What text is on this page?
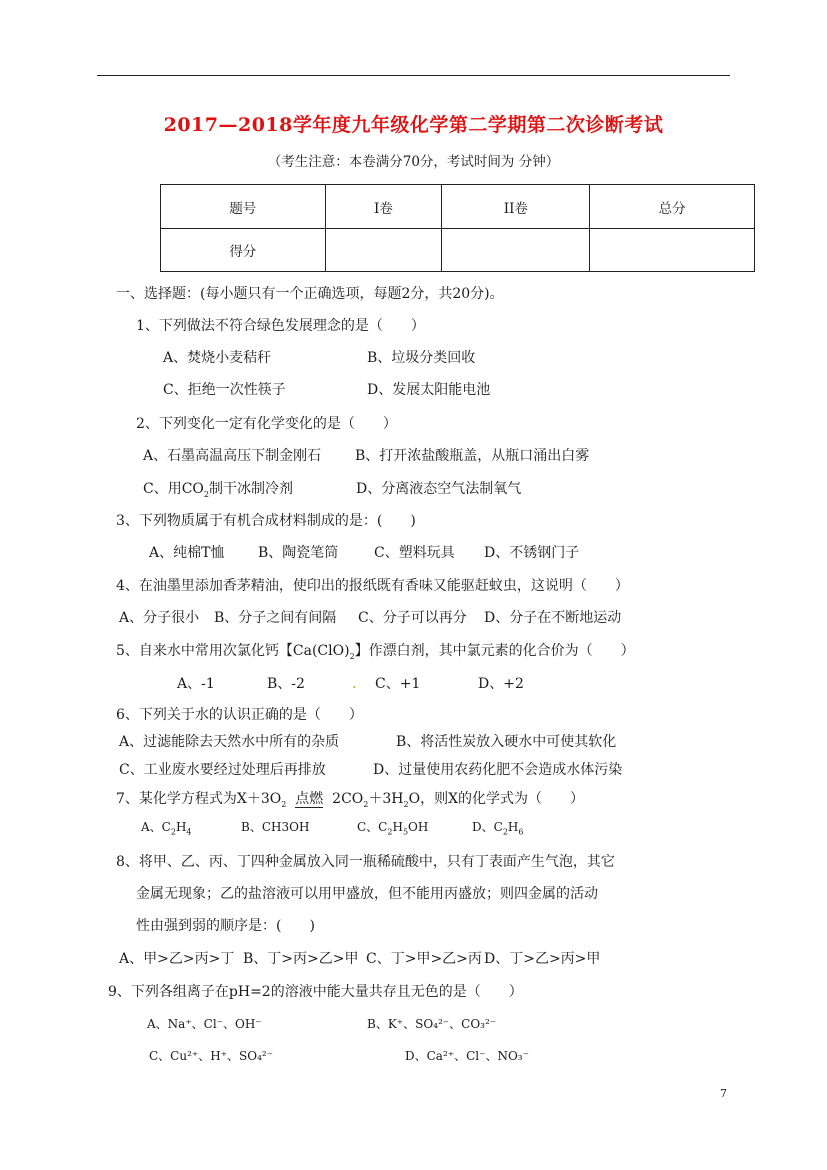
2017—2018学年度九年级化学第二学期第二次诊断考试
（考生注意：本卷满分70分，考试时间为 分钟）
题号	I卷	II卷	总分
得分			
一、选择题：(每小题只有一个正确选项，每题2分，共20分)。
1、下列做法不符合绿色发展理念的是（　　）
A、焚烧小麦秸秆	B、垃圾分类回收
C、拒绝一次性筷子	D、发展太阳能电池
2、下列变化一定有化学变化的是（　　）
A、石墨高温高压下制金刚石 B、打开浓盐酸瓶盖，从瓶口涌出白雾
C、用$CO_2$制干冰制冷剂	D、分离液态空气法制氧气
3、下列物质属于有机合成材料制成的是：(　　)
A、纯棉T恤 B、陶瓷笔筒	C、塑料玩具 D、不锈钢门子
4、在油墨里添加香茅精油，使印出的报纸既有香味又能驱赶蚊虫，这说明（　　）
A、分子很小 B、分子之间有间隔 C、分子可以再分 D、分子在不断地运动
5、自来水中常用次氯化钙【$Ca(ClO)_2$】作漂白剂，其中氯元素的化合价为（　　）
A、-1	B、-2	. C、+1	D、+2
6、下列关于水的认识正确的是（　　）
A、过滤能除去天然水中所有的杂质	B、将活性炭放入硬水中可使其软化
C、工业废水要经过处理后再排放	D、过量使用农药化肥不会造成水体污染
7、某化学方程式为$X+3O_2$ 点燃 $2CO_2+3H_2O$，则X的化学式为（　　）
A、$C_2H_4$	B、CH3OH	C、$C_2H_5OH$	D、$C_2H_6$
8、将甲、乙、丙、丁四种金属放入同一瓶稀硫酸中，只有丁表面产生气泡，其它
金属无现象；乙的盐溶液可以用甲盛放，但不能用丙盛放；则四金属的活动
性由强到弱的顺序是：(　　)
A、甲>乙>丙>丁 B、丁>丙>乙>甲 C、丁>甲>乙>丙 D、丁>乙>丙>甲
9、下列各组离子在pH=2的溶液中能大量共存且无色的是（　　）
A、Na⁺、Cl⁻、OH⁻	B、K⁺、SO₄²⁻、CO₃²⁻
C、Cu²⁺、H⁺、SO₄²⁻	D、Ca²⁺、Cl⁻、NO₃⁻
7
